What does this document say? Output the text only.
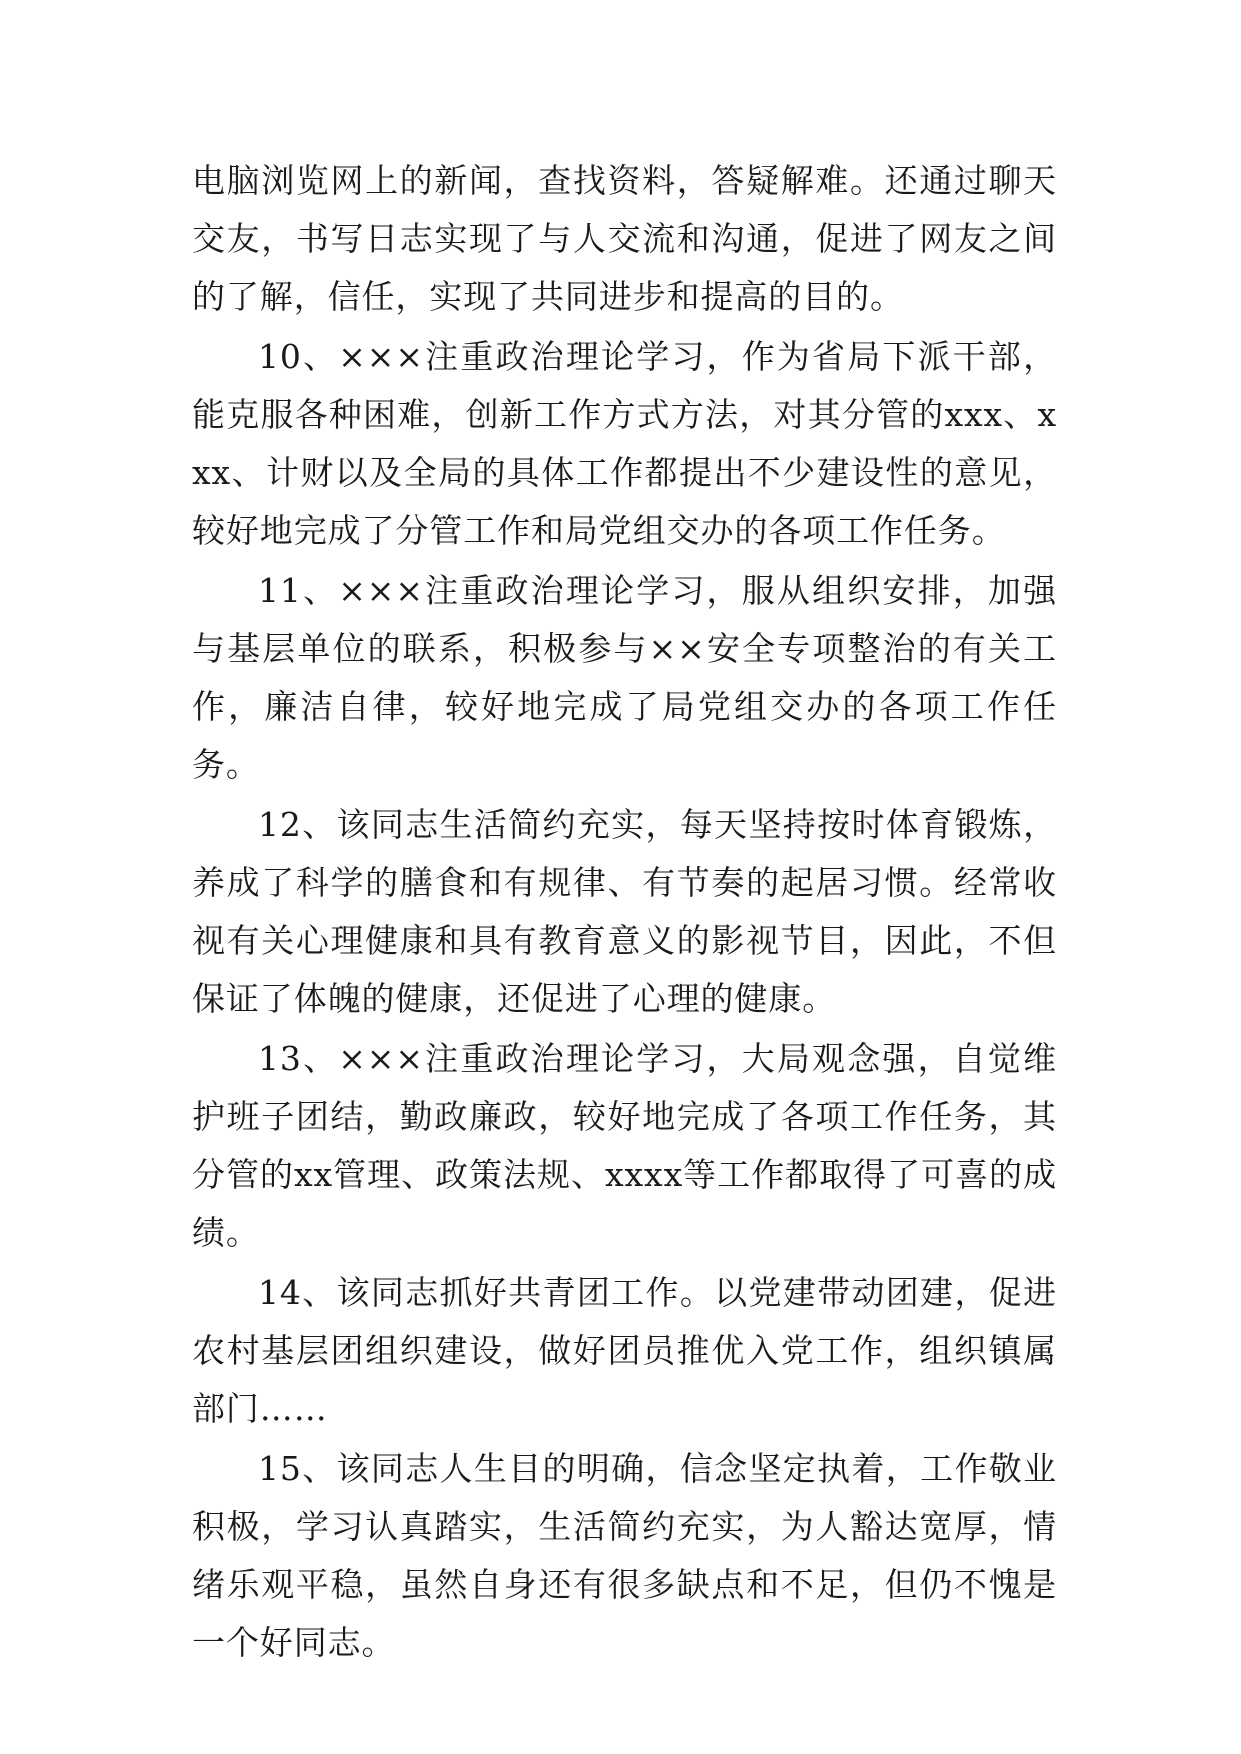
电脑浏览网上的新闻，查找资料，答疑解难。还通过聊天交友，书写日志实现了与人交流和沟通，促进了网友之间的了解，信任，实现了共同进步和提高的目的。

10、×××注重政治理论学习，作为省局下派干部，能克服各种困难，创新工作方式方法，对其分管的xxx、xxx、计财以及全局的具体工作都提出不少建设性的意见，较好地完成了分管工作和局党组交办的各项工作任务。

11、×××注重政治理论学习，服从组织安排，加强与基层单位的联系，积极参与××安全专项整治的有关工作，廉洁自律，较好地完成了局党组交办的各项工作任务。

12、该同志生活简约充实，每天坚持按时体育锻炼，养成了科学的膳食和有规律、有节奏的起居习惯。经常收视有关心理健康和具有教育意义的影视节目，因此，不但保证了体魄的健康，还促进了心理的健康。

13、×××注重政治理论学习，大局观念强，自觉维护班子团结，勤政廉政，较好地完成了各项工作任务，其分管的xx管理、政策法规、xxxx等工作都取得了可喜的成绩。

14、该同志抓好共青团工作。以党建带动团建，促进农村基层团组织建设，做好团员推优入党工作，组织镇属部门……

15、该同志人生目的明确，信念坚定执着，工作敬业积极，学习认真踏实，生活简约充实，为人豁达宽厚，情绪乐观平稳，虽然自身还有很多缺点和不足，但仍不愧是一个好同志。
